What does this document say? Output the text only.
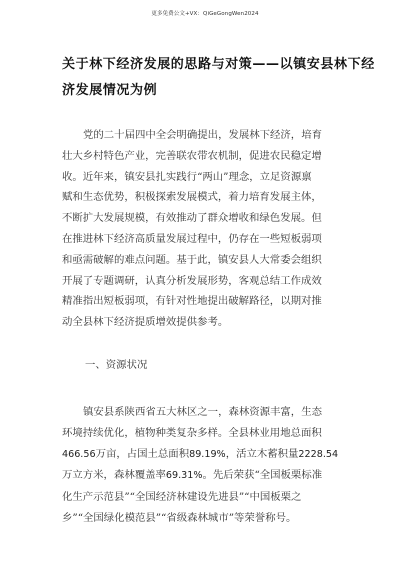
更多免费公文+VX：QiGeGongWen2024
关于林下经济发展的思路与对策——以镇安县林下经
济发展情况为例
党的二十届四中全会明确提出，发展林下经济，培育
壮大乡村特色产业，完善联农带农机制，促进农民稳定增
收。近年来，镇安县扎实践行“两山”理念，立足资源禀
赋和生态优势，积极探索发展模式，着力培育发展主体，
不断扩大发展规模，有效推动了群众增收和绿色发展。但
在推进林下经济高质量发展过程中，仍存在一些短板弱项
和亟需破解的难点问题。基于此，镇安县人大常委会组织
开展了专题调研，认真分析发展形势，客观总结工作成效
精准指出短板弱项，有针对性地提出破解路径，以期对推
动全县林下经济提质增效提供参考。
一、资源状况
镇安县系陕西省五大林区之一，森林资源丰富，生态
环境持续优化，植物种类复杂多样。全县林业用地总面积
466.56万亩，占国土总面积89.19%，活立木蓄积量2228.54
万立方米，森林覆盖率69.31%。先后荣获“全国板栗标准
化生产示范县”“全国经济林建设先进县”“中国板栗之
乡”“全国绿化模范县”“省级森林城市”等荣誉称号。
